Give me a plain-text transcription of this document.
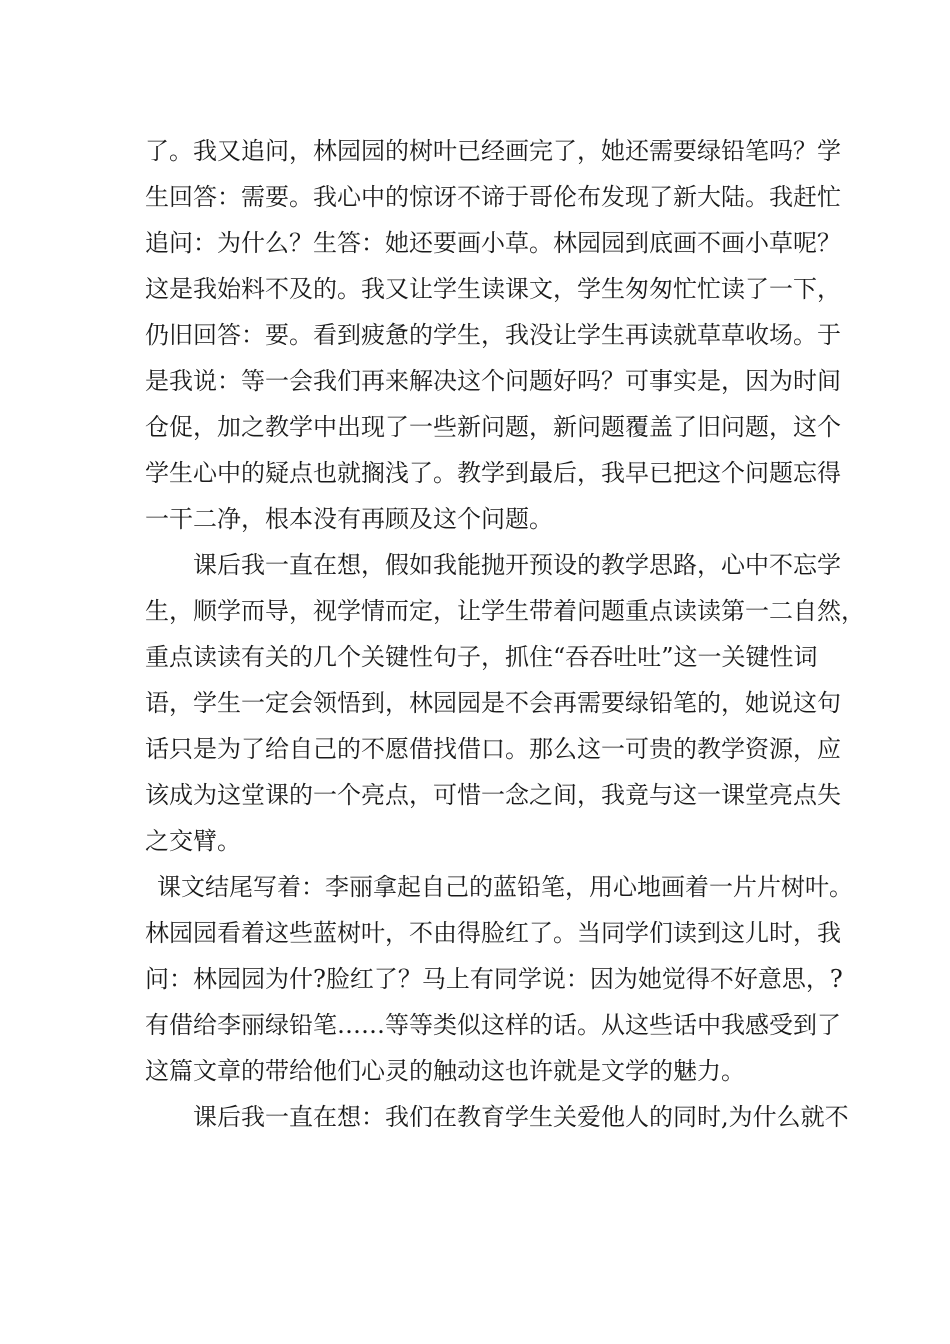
了。我又追问，林园园的树叶已经画完了，她还需要绿铅笔吗？学
生回答：需要。我心中的惊讶不谛于哥伦布发现了新大陆。我赶忙
追问：为什么？生答：她还要画小草。林园园到底画不画小草呢？
这是我始料不及的。我又让学生读课文，学生匆匆忙忙读了一下，
仍旧回答：要。看到疲惫的学生，我没让学生再读就草草收场。于
是我说：等一会我们再来解决这个问题好吗？可事实是，因为时间
仓促，加之教学中出现了一些新问题，新问题覆盖了旧问题，这个
学生心中的疑点也就搁浅了。教学到最后，我早已把这个问题忘得
一干二净，根本没有再顾及这个问题。
课后我一直在想，假如我能抛开预设的教学思路，心中不忘学
生，顺学而导，视学情而定，让学生带着问题重点读读第一二自然，
重点读读有关的几个关键性句子，抓住“吞吞吐吐”这一关键性词
语，学生一定会领悟到，林园园是不会再需要绿铅笔的，她说这句
话只是为了给自己的不愿借找借口。那么这一可贵的教学资源，应
该成为这堂课的一个亮点，可惜一念之间，我竟与这一课堂亮点失
之交臂。
课文结尾写着：李丽拿起自己的蓝铅笔，用心地画着一片片树叶。
林园园看着这些蓝树叶，不由得脸红了。当同学们读到这儿时，我
问：林园园为什?脸红了？马上有同学说：因为她觉得不好意思，?
有借给李丽绿铅笔……等等类似这样的话。从这些话中我感受到了
这篇文章的带给他们心灵的触动这也许就是文学的魅力。
课后我一直在想：我们在教育学生关爱他人的同时,为什么就不
